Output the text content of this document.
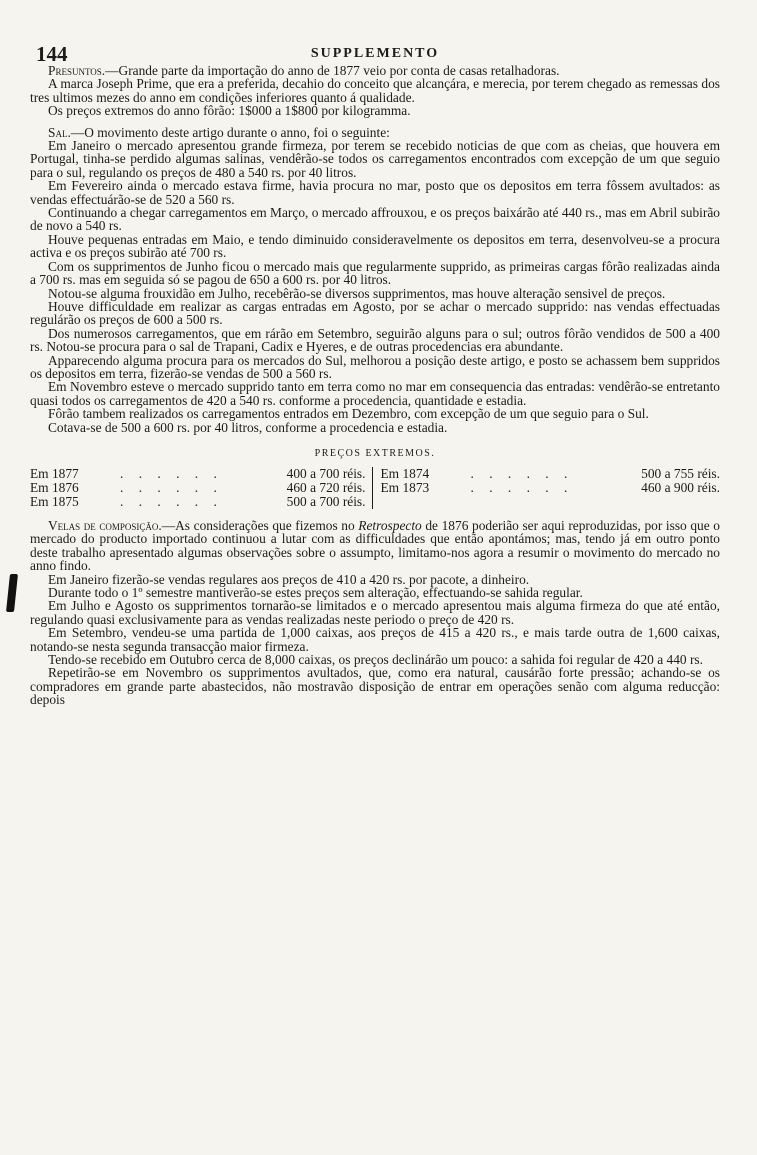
144	SUPPLEMENTO

Presuntos.—Grande parte da importação do anno de 1877 veio por conta de casas retalhadoras.

A marca Joseph Prime, que era a preferida, decahio do conceito que alcançára, e merecia, por terem chegado as remessas dos tres ultimos mezes do anno em condições inferiores quanto á qualidade.

Os preços extremos do anno fôrão: 1$000 a 1$800 por kilogramma.

Sal.—O movimento deste artigo durante o anno, foi o seguinte:

Em Janeiro o mercado apresentou grande firmeza, por terem se recebido noticias de que com as cheias, que houvera em Portugal, tinha-se perdido algumas salinas, vendêrão-se todos os carregamentos encontrados com excepção de um que seguio para o sul, regulando os preços de 480 a 540 rs. por 40 litros.

Em Fevereiro ainda o mercado estava firme, havia procura no mar, posto que os depositos em terra fôssem avultados: as vendas effectuárão-se de 520 a 560 rs.

Continuando a chegar carregamentos em Março, o mercado affrouxou, e os preços baixárão até 440 rs., mas em Abril subirão de novo a 540 rs.

Houve pequenas entradas em Maio, e tendo diminuido consideravelmente os depositos em terra, desenvolveu-se a procura activa e os preços subirão até 700 rs.

Com os supprimentos de Junho ficou o mercado mais que regularmente supprido, as primeiras cargas fôrão realizadas ainda a 700 rs. mas em seguida só se pagou de 650 a 600 rs. por 40 litros.

Notou-se alguma frouxidão em Julho, recebêrão-se diversos supprimentos, mas houve alteração sensivel de preços.

Houve difficuldade em realizar as cargas entradas em Agosto, por se achar o mercado supprido: nas vendas effectuadas regulárão os preços de 600 a 500 rs.

Dos numerosos carregamentos, que em rárão em Setembro, seguirão alguns para o sul; outros fôrão vendidos de 500 a 400 rs. Notou-se procura para o sal de Trapani, Cadix e Hyeres, e de outras procedencias era abundante.

Apparecendo alguma procura para os mercados do Sul, melhorou a posição deste artigo, e posto se achassem bem suppridos os depositos em terra, fizerão-se vendas de 500 a 560 rs.

Em Novembro esteve o mercado supprido tanto em terra como no mar em consequencia das entradas: vendêrão-se entretanto quasi todos os carregamentos de 420 a 540 rs. conforme a procedencia, quantidade e estadia.

Fôrão tambem realizados os carregamentos entrados em Dezembro, com excepção de um que seguio para o Sul.

Cotava-se de 500 a 600 rs. por 40 litros, conforme a procedencia e estadia.

PREÇOS EXTREMOS.
Em 1877	. . . . . .	400 a 700 réis.
Em 1876	. . . . . .	460 a 720 réis.
Em 1875	. . . . . .	500 a 700 réis.
Em 1874	. . . . . .	500 a 755 réis.
Em 1873	. . . . . .	460 a 900 réis.

Velas de composição.—As considerações que fizemos no Retrospecto de 1876 poderião ser aqui reproduzidas, por isso que o mercado do producto importado continuou a lutar com as difficuldades que então apontámos; mas, tendo já em outro ponto deste trabalho apresentado algumas observações sobre o assumpto, limitamo-nos agora a resumir o movimento do mercado no anno findo.

Em Janeiro fizerão-se vendas regulares aos preços de 410 a 420 rs. por pacote, a dinheiro.

Durante todo o 1º semestre mantiverão-se estes preços sem alteração, effectuando-se sahida regular.

Em Julho e Agosto os supprimentos tornarão-se limitados e o mercado apresentou mais alguma firmeza do que até então, regulando quasi exclusivamente para as vendas realizadas neste periodo o preço de 420 rs.

Em Setembro, vendeu-se uma partida de 1,000 caixas, aos preços de 415 a 420 rs., e mais tarde outra de 1,600 caixas, notando-se nesta segunda transacção maior firmeza.

Tendo-se recebido em Outubro cerca de 8,000 caixas, os preços declinárão um pouco: a sahida foi regular de 420 a 440 rs.

Repetirão-se em Novembro os supprimentos avultados, que, como era natural, causárão forte pressão; achando-se os compradores em grande parte abastecidos, não mostravão disposição de entrar em operações senão com alguma reducção: depois
